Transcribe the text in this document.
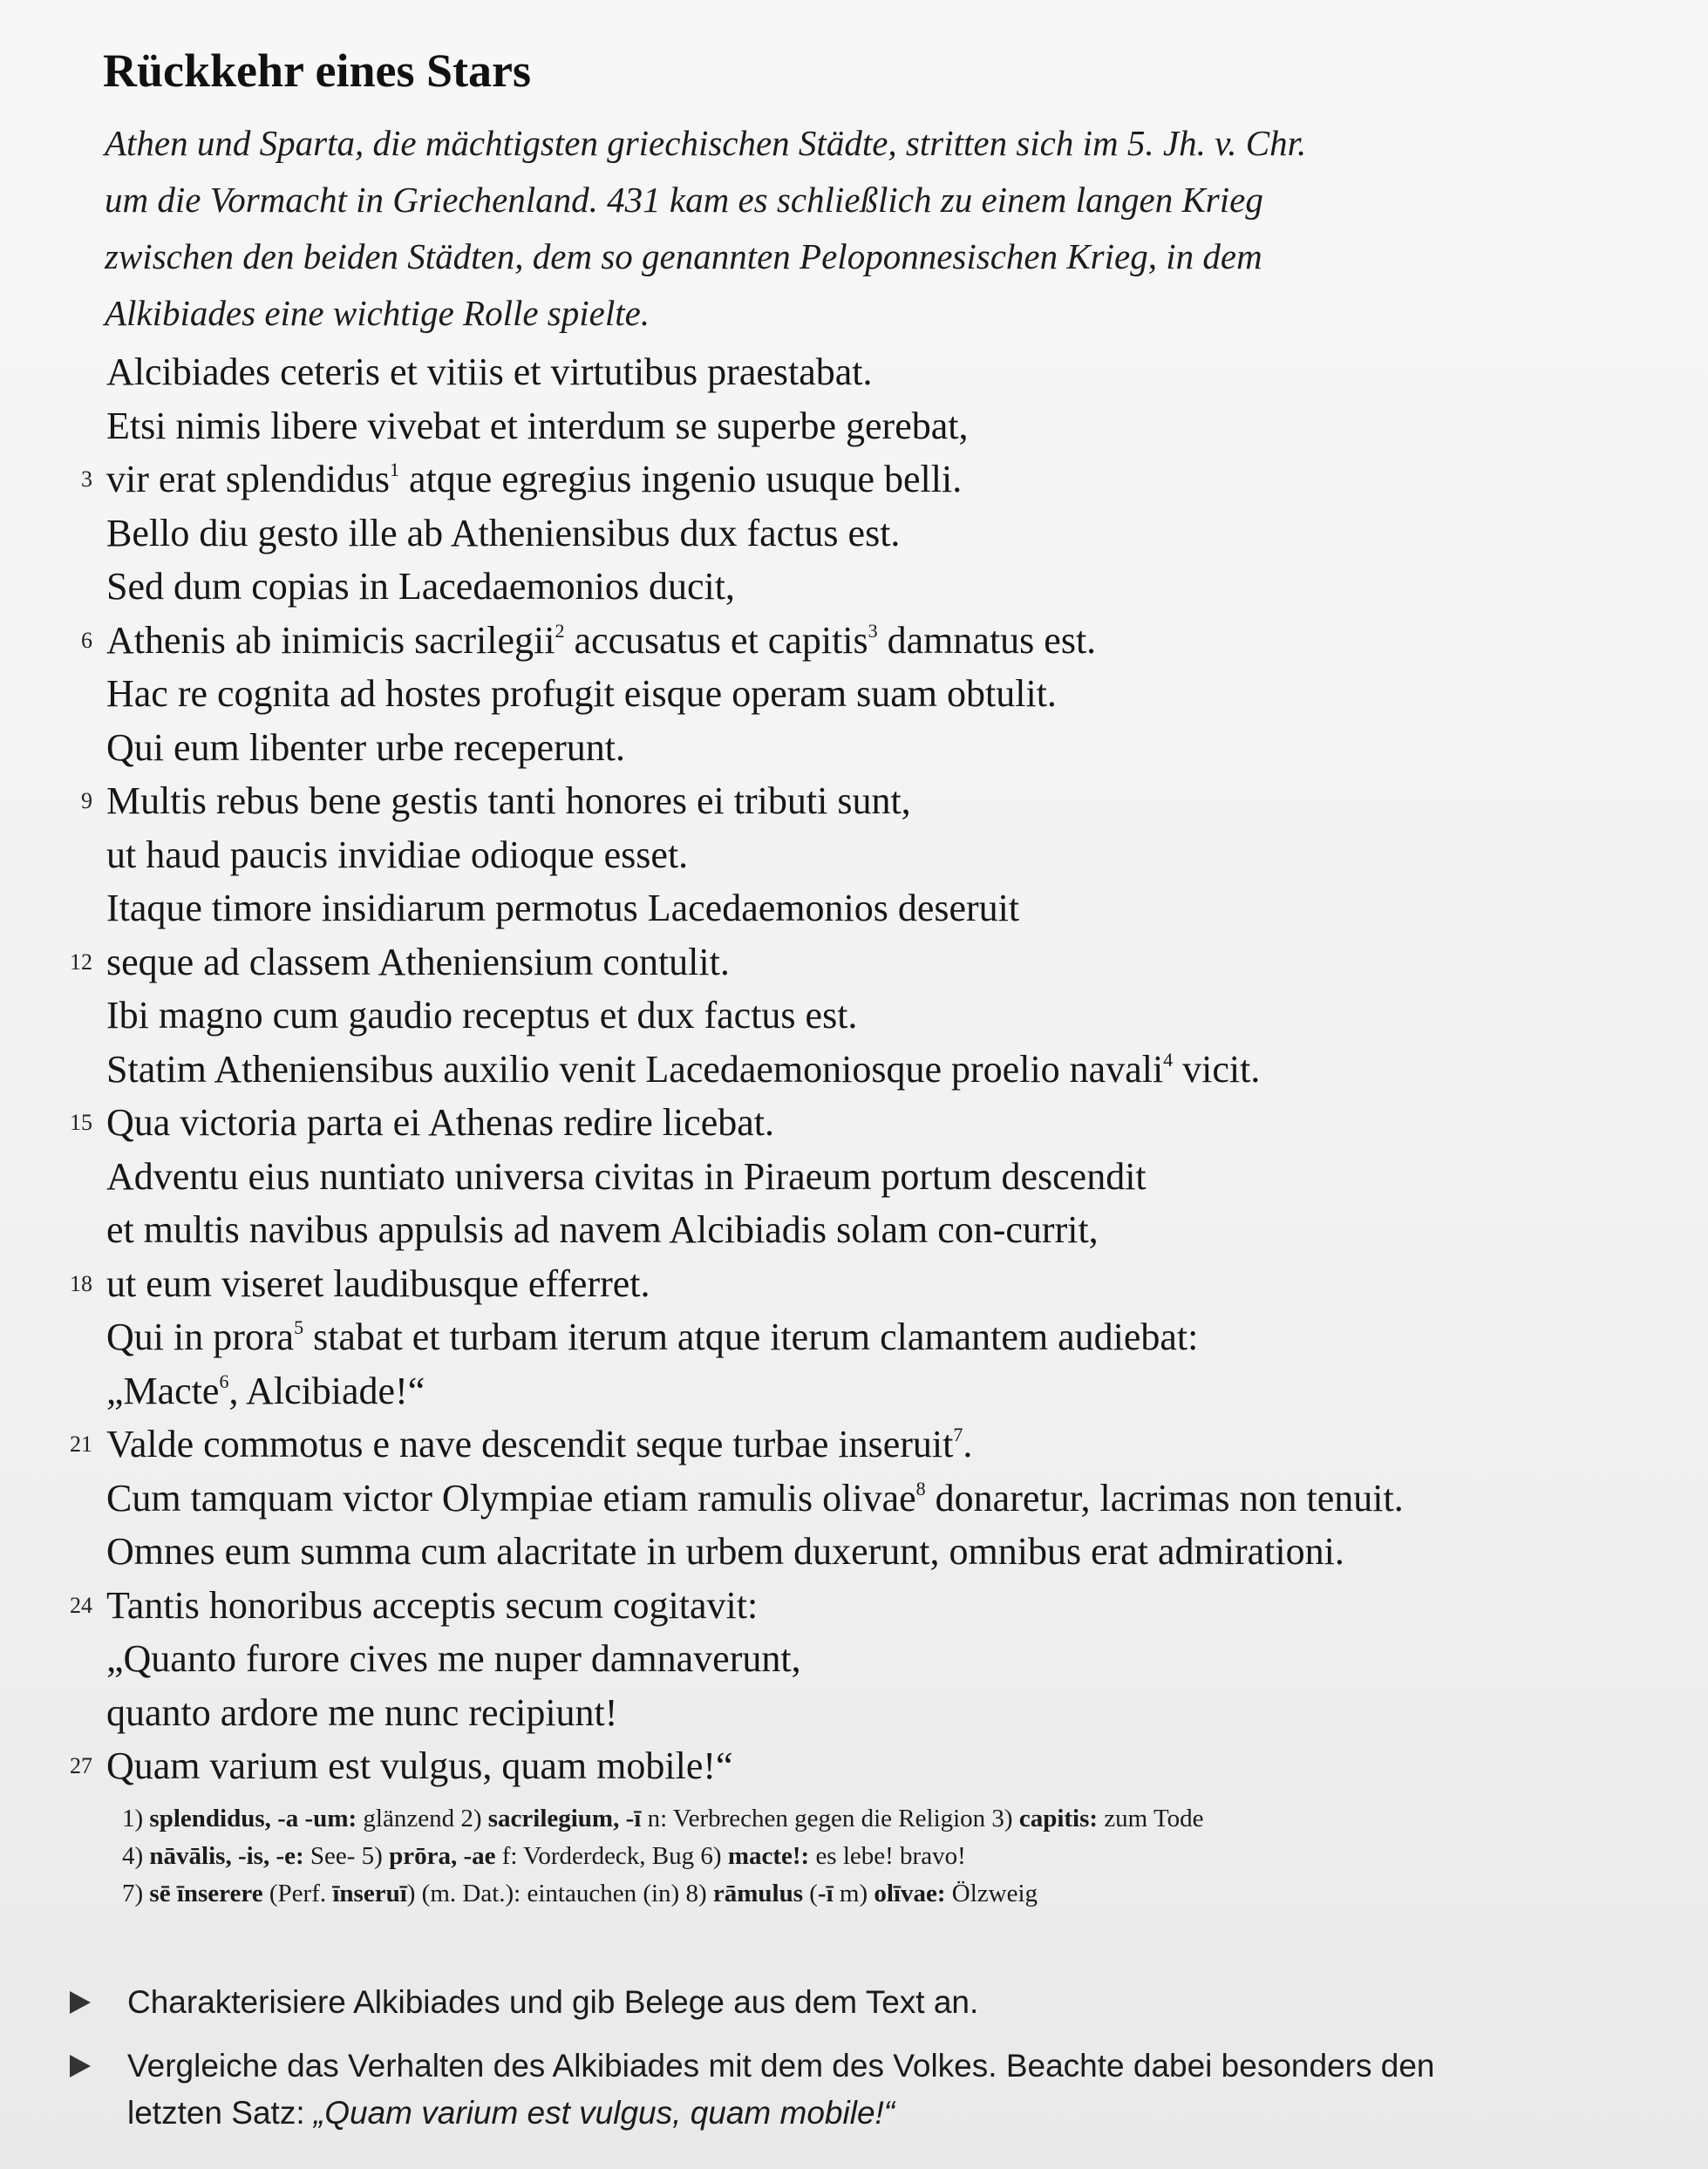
Rückkehr eines Stars
Athen und Sparta, die mächtigsten griechischen Städte, stritten sich im 5. Jh. v. Chr.
um die Vormacht in Griechenland. 431 kam es schließlich zu einem langen Krieg
zwischen den beiden Städten, dem so genannten Peloponnesischen Krieg, in dem
Alkibiades eine wichtige Rolle spielte.
Alcibiades ceteris et vitiis et virtutibus praestabat.
Etsi nimis libere vivebat et interdum se superbe gerebat,
3 vir erat splendidus$^1$ atque egregius ingenio usuque belli.
Bello diu gesto ille ab Atheniensibus dux factus est.
Sed dum copias in Lacedaemonios ducit,
6 Athenis ab inimicis sacrilegii$^2$ accusatus et capitis$^3$ damnatus est.
Hac re cognita ad hostes profugit eisque operam suam obtulit.
Qui eum libenter urbe receperunt.
9 Multis rebus bene gestis tanti honores ei tributi sunt,
ut haud paucis invidiae odioque esset.
Itaque timore insidiarum permotus Lacedaemonios deseruit
12 seque ad classem Atheniensium contulit.
Ibi magno cum gaudio receptus et dux factus est.
Statim Atheniensibus auxilio venit Lacedaemoniosque proelio navali$^4$ vicit.
15 Qua victoria parta ei Athenas redire licebat.
Adventu eius nuntiato universa civitas in Piraeum portum descendit
et multis navibus appulsis ad navem Alcibiadis solam con-currit,
18 ut eum viseret laudibusque efferret.
Qui in prora$^5$ stabat et turbam iterum atque iterum clamantem audiebat:
„Macte$^6$, Alcibiade!“
21 Valde commotus e nave descendit seque turbae inseruit$^7$.
Cum tamquam victor Olympiae etiam ramulis olivae$^8$ donaretur, lacrimas non tenuit.
Omnes eum summa cum alacritate in urbem duxerunt, omnibus erat admirationi.
24 Tantis honoribus acceptis secum cogitavit:
„Quanto furore cives me nuper damnaverunt,
quanto ardore me nunc recipiunt!
27 Quam varium est vulgus, quam mobile!“
1) splendidus, -a -um: glänzend 2) sacrilegium, -ī n: Verbrechen gegen die Religion 3) capitis: zum Tode
4) nāvālis, -is, -e: See- 5) prōra, -ae f: Vorderdeck, Bug 6) macte!: es lebe! bravo!
7) sē īnserere (Perf. īnseruī) (m. Dat.): eintauchen (in) 8) rāmulus (-ī m) olīvae: Ölzweig
Charakterisiere Alkibiades und gib Belege aus dem Text an.
Vergleiche das Verhalten des Alkibiades mit dem des Volkes. Beachte dabei besonders den
letzten Satz: „Quam varium est vulgus, quam mobile!“
